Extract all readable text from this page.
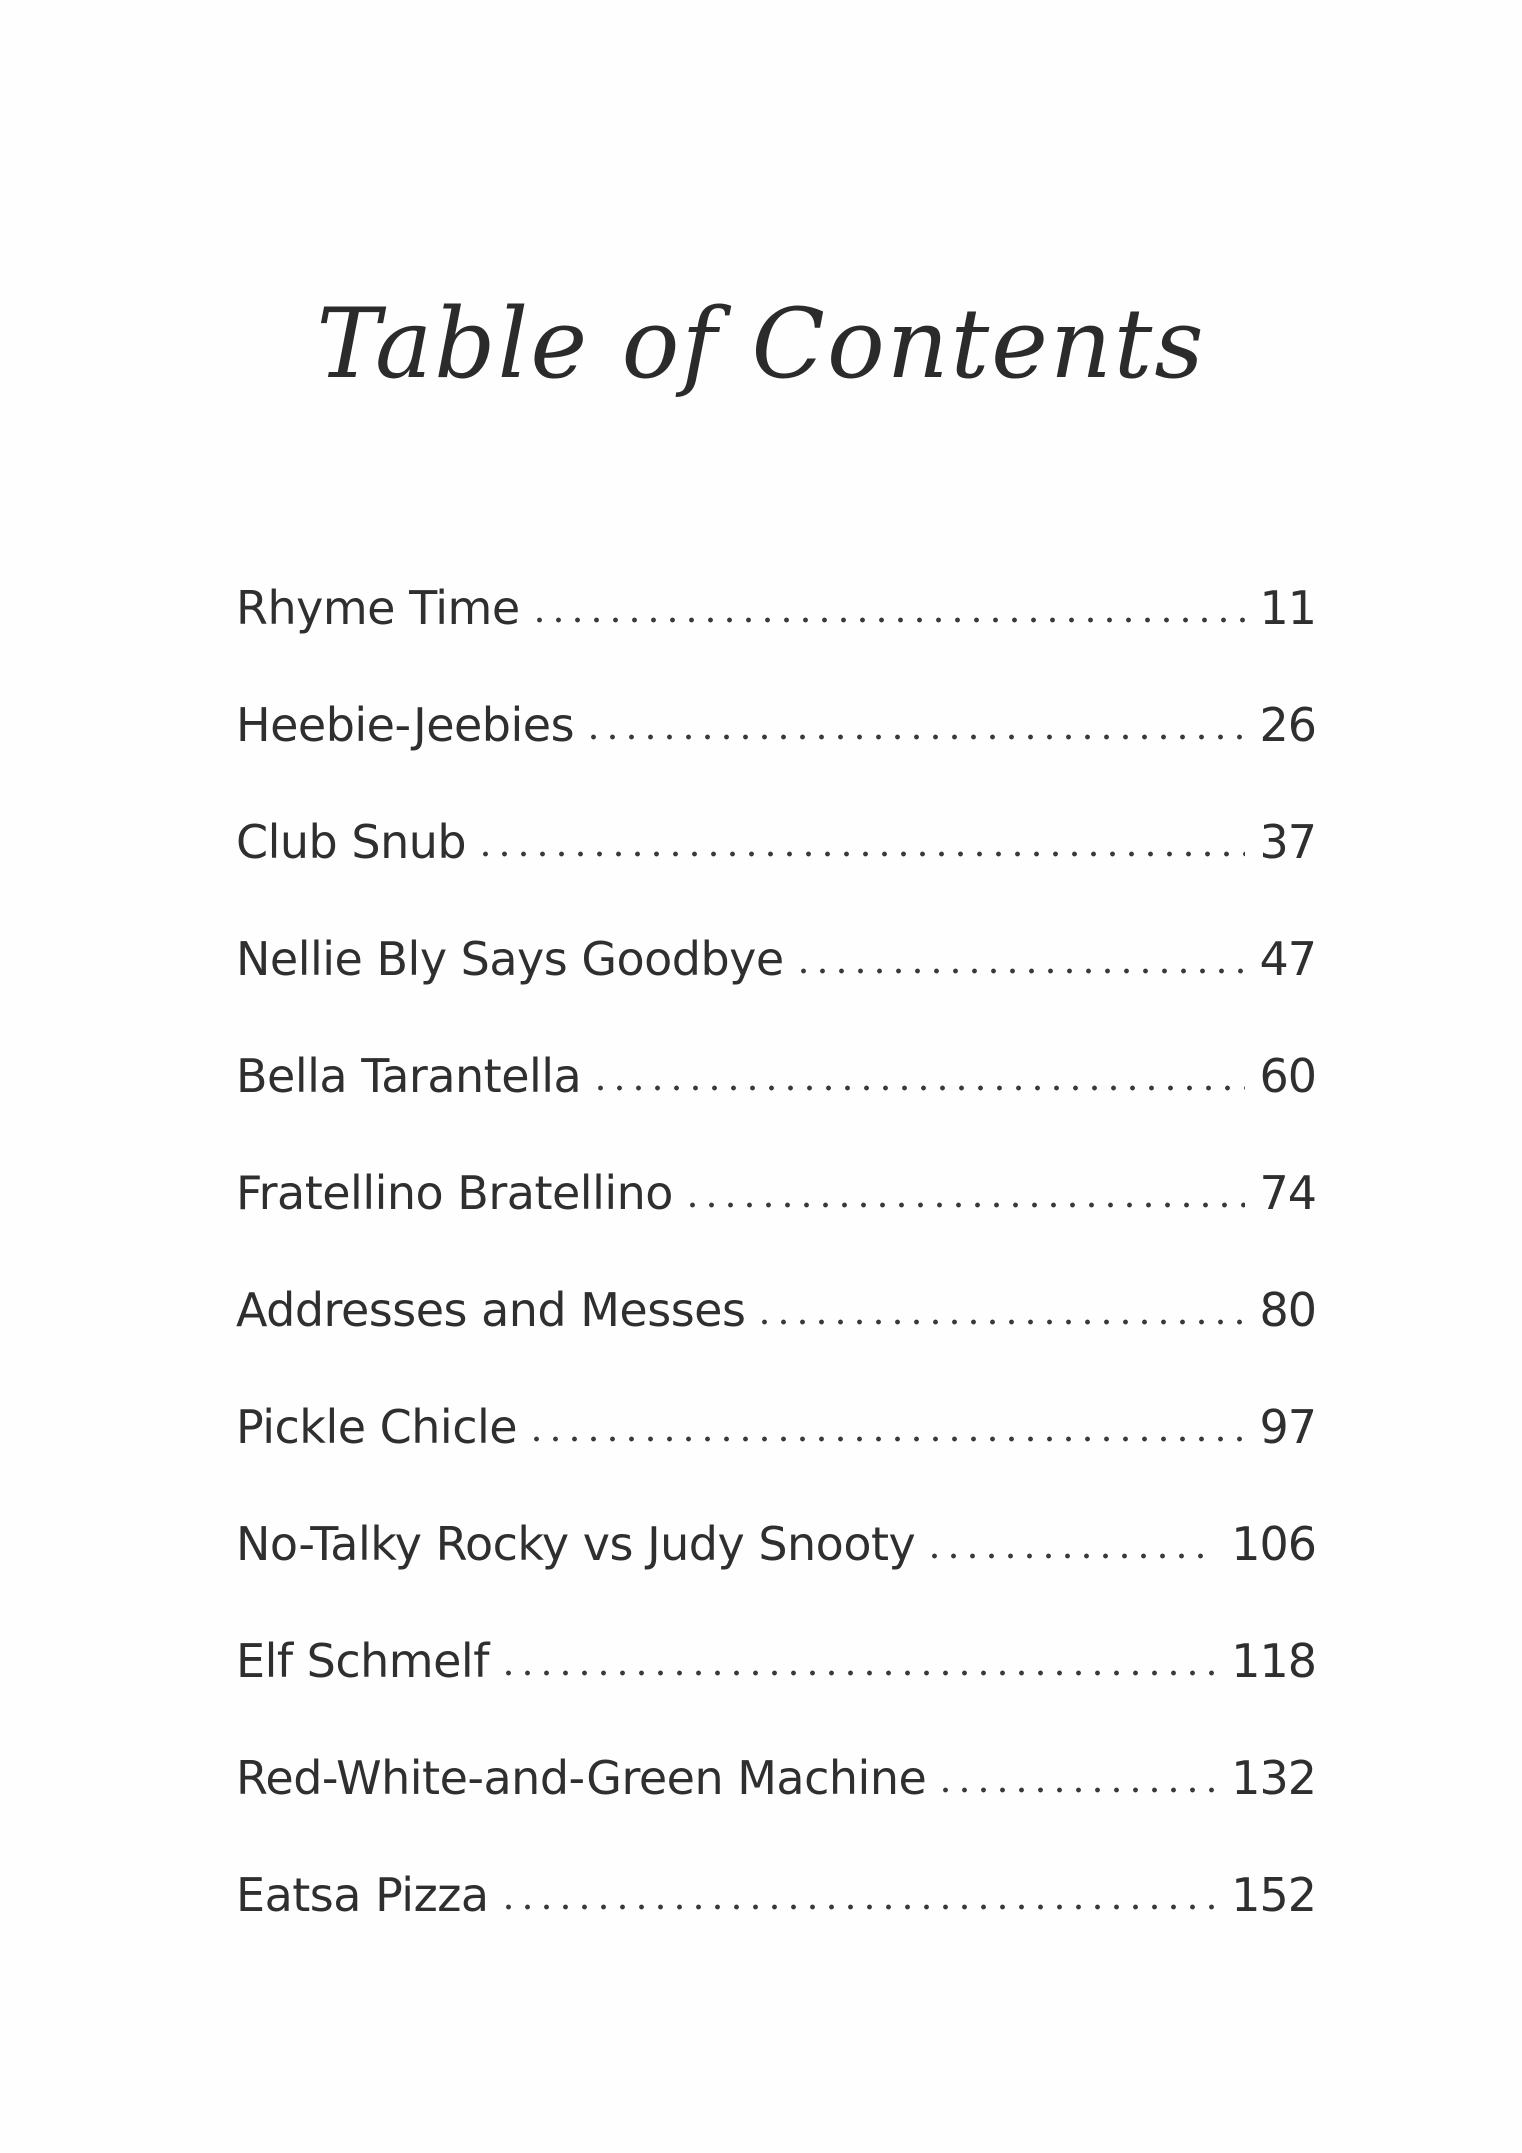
Table of Contents
Rhyme Time	11
Heebie-Jeebies	26
Club Snub	37
Nellie Bly Says Goodbye	47
Bella Tarantella	60
Fratellino Bratellino	74
Addresses and Messes	80
Pickle Chicle	97
No-Talky Rocky vs Judy Snooty	106
Elf Schmelf	118
Red-White-and-Green Machine	132
Eatsa Pizza	152
